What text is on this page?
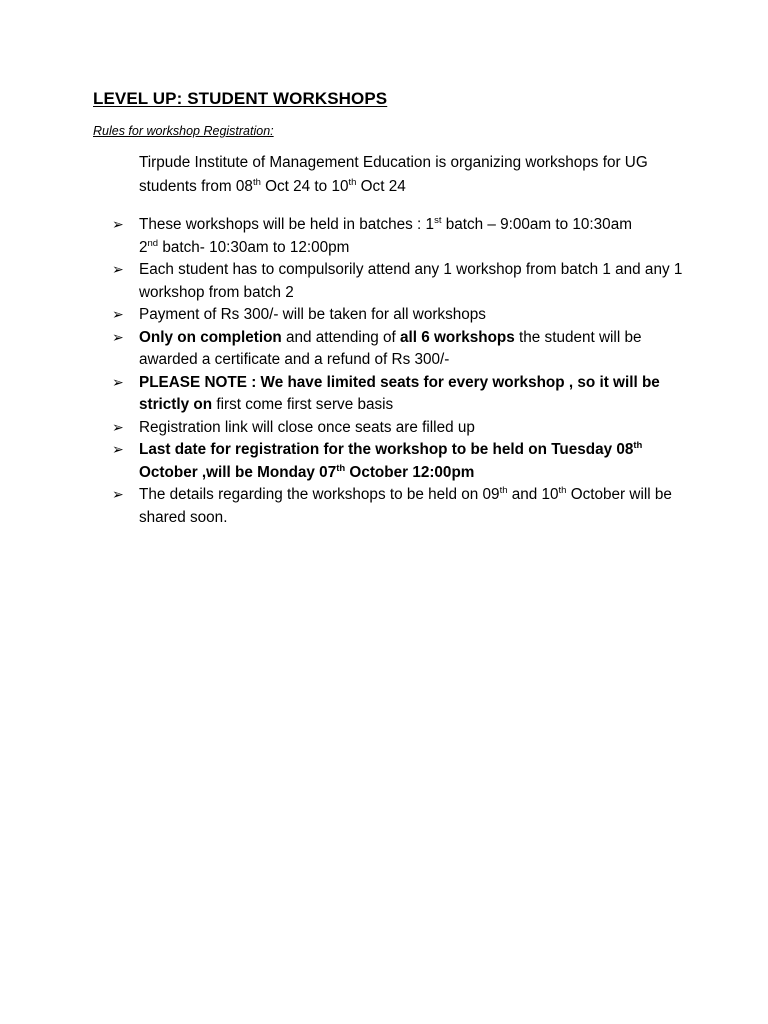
LEVEL UP: STUDENT WORKSHOPS
Rules for workshop Registration:
Tirpude Institute of Management Education is organizing workshops for UG students from 08th Oct 24 to 10th Oct 24
➢ These workshops will be held in batches : 1st batch – 9:00am to 10:30am
2nd batch- 10:30am to 12:00pm
➢ Each student has to compulsorily attend any 1 workshop from batch 1 and any 1 workshop from batch 2
➢ Payment of Rs 300/- will be taken for all workshops
➢ Only on completion and attending of all 6 workshops the student will be awarded a certificate and a refund of Rs 300/-
➢ PLEASE NOTE : We have limited seats for every workshop , so it will be strictly on first come first serve basis
➢ Registration link will close once seats are filled up
➢ Last date for registration for the workshop to be held on Tuesday 08th
October ,will be Monday 07th October 12:00pm
➢ The details regarding the workshops to be held on 09th and 10th October will be shared soon.
